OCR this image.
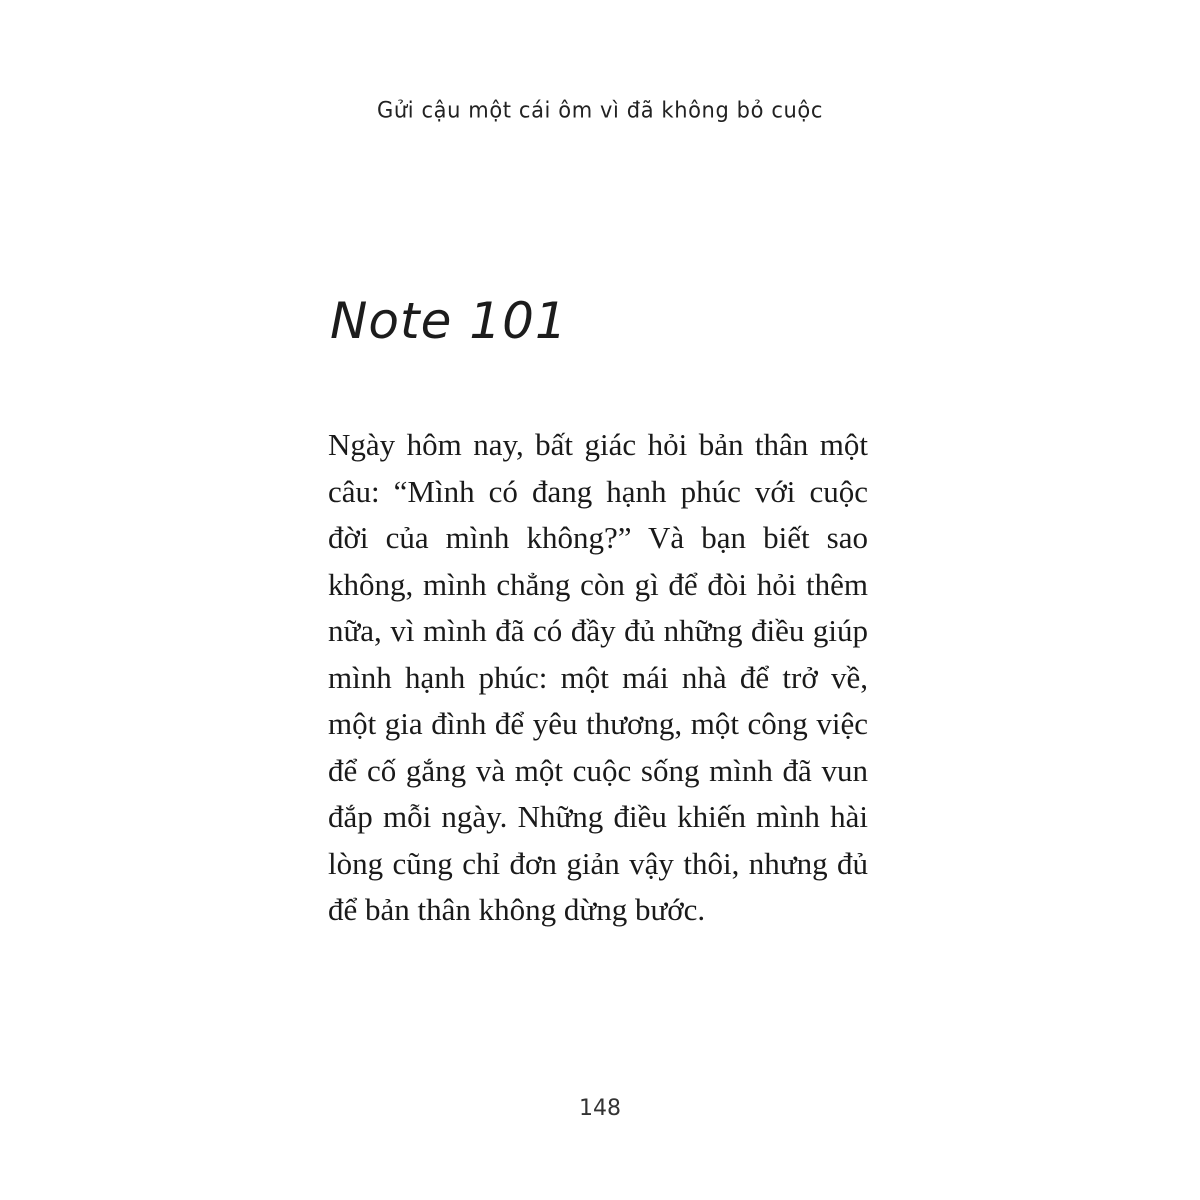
Gửi cậu một cái ôm vì đã không bỏ cuộc
Note 101

Ngày hôm nay, bất giác hỏi bản thân một câu: “Mình có đang hạnh phúc với cuộc đời của mình không?” Và bạn biết sao không, mình chẳng còn gì để đòi hỏi thêm nữa, vì mình đã có đầy đủ những điều giúp mình hạnh phúc: một mái nhà để trở về, một gia đình để yêu thương, một công việc để cố gắng và một cuộc sống mình đã vun đắp mỗi ngày. Những điều khiến mình hài lòng cũng chỉ đơn giản vậy thôi, nhưng đủ để bản thân không dừng bước.

148
